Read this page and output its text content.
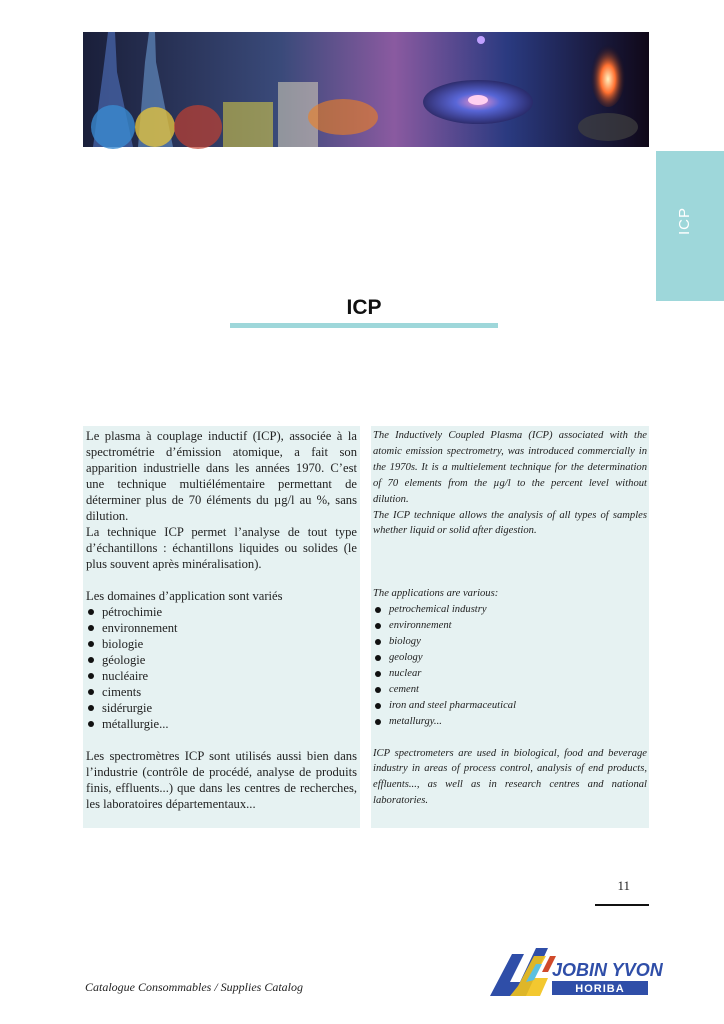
ICP
ICP

Le plasma à couplage inductif (ICP), associée à la spectrométrie d’émission atomique, a fait son apparition industrielle dans les années 1970. C’est une technique multiélémentaire permettant de déterminer plus de 70 éléments du µg/l au %, sans dilution.

La technique ICP permet l’analyse de tout type d’échantillons : échantillons liquides ou solides (le plus souvent après minéralisation).

Les domaines d’application sont variés

pétrochimie
environnement
biologie
géologie
nucléaire
ciments
sidérurgie
métallurgie...

Les spectromètres ICP sont utilisés aussi bien dans l’industrie (contrôle de procédé, analyse de produits finis, effluents...) que dans les centres de recherches, les laboratoires départementaux...

The Inductively Coupled Plasma (ICP) associated with the atomic emission spectrometry, was introduced commercially in the 1970s. It is a multielement technique for the determination of 70 elements from the µg/l to the percent level without dilution.

The ICP technique allows the analysis of all types of samples whether liquid or solid after digestion.

The applications are various:

petrochemical industry
environnement
biology
geology
nuclear
cement
iron and steel pharmaceutical
metallurgy...

ICP spectrometers are used in biological, food and beverage industry in areas of process control, analysis of end products, effluents..., as well as in research centres and national laboratories.

11
Catalogue Consommables / Supplies Catalog
JOBIN YVON
HORIBA
